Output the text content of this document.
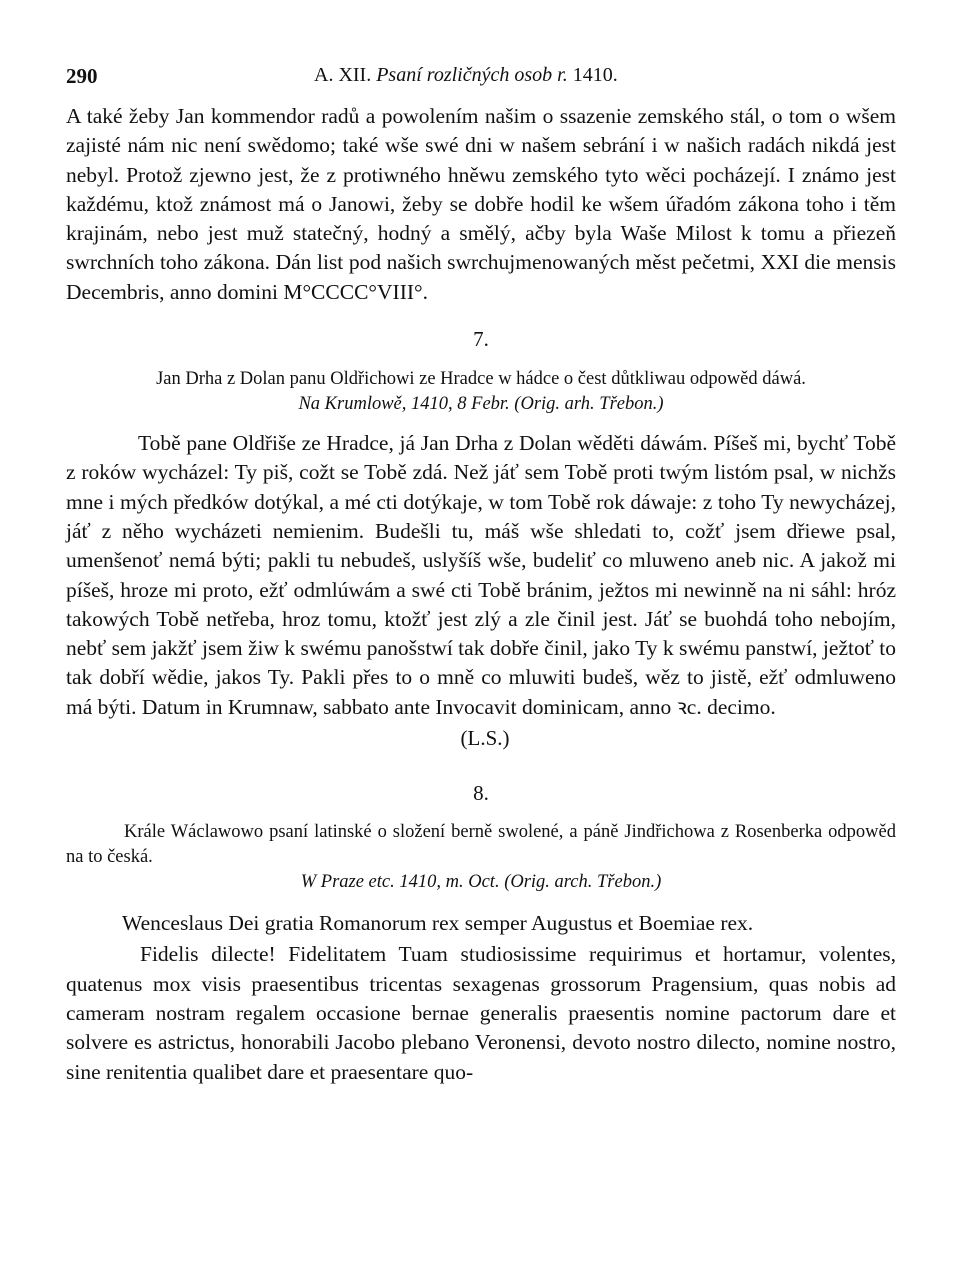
290	A. XII. Psaní rozličných osob r. 1410.

A také žeby Jan kommendor radů a powolením našim o ssazenie zemského stál, o tom o wšem zajisté nám nic není swědomo; také wše swé dni w našem sebrání i w našich radách nikdá jest nebyl. Protož zjewno jest, že z protiwného hněwu zemského tyto wěci pocházejí. I známo jest každému, ktož známost má o Janowi, žeby se dobře hodil ke wšem úřadóm zákona toho i těm krajinám, nebo jest muž statečný, hodný a smělý, ačby byla Waše Milost k tomu a přiezeň swrchních toho zákona. Dán list pod našich swrchujmenowaných měst pečetmi, XXI die mensis Decembris, anno domini M°CCCC°VIII°.

7.
Jan Drha z Dolan panu Oldřichowi ze Hradce w hádce o čest důtkliwau odpowěd dáwá.
Na Krumlowě, 1410, 8 Febr. (Orig. arh. Třebon.)

Tobě pane Oldřiše ze Hradce, já Jan Drha z Dolan wěděti dáwám. Píšeš mi, bychť Tobě z roków wycházel: Ty piš, cožt se Tobě zdá. Než jáť sem Tobě proti twým listóm psal, w nichžs mne i mých předków dotýkal, a mé cti dotýkaje, w tom Tobě rok dáwaje: z toho Ty newycházej, jáť z něho wycházeti nemienim. Budešli tu, máš wše shledati to, cožť jsem dřiewe psal, umenšenoť nemá býti; pakli tu nebudeš, uslyšíš wše, budeliť co mluweno aneb nic. A jakož mi píšeš, hroze mi proto, ežť odmlúwám a swé cti Tobě bránim, ježtos mi newinně na ni sáhl: hróz takowých Tobě netřeba, hroz tomu, ktožť jest zlý a zle činil jest. Jáť se buohdá toho nebojím, nebť sem jakžť jsem žiw k swému panošstwí tak dobře činil, jako Ty k swému panstwí, ježtoť to tak dobří wědie, jakos Ty. Pakli přes to o mně co mluwiti budeš, wěz to jistě, ežť odmluweno má býti. Datum in Krumnaw, sabbato ante Invocavit dominicam, anno ꝛc. decimo.

(L.S.)
8.
Krále Wáclawowo psaní latinské o složení berně swolené, a páně Jindřichowa z Rosenberka odpowěd na to česká.
W Praze etc. 1410, m. Oct. (Orig. arch. Třebon.)

Wenceslaus Dei gratia Romanorum rex semper Augustus et Boemiae rex.

Fidelis dilecte! Fidelitatem Tuam studiosissime requirimus et hortamur, volentes, quatenus mox visis praesentibus tricentas sexagenas grossorum Pragensium, quas nobis ad cameram nostram regalem occasione bernae generalis praesentis nomine pactorum dare et solvere es astrictus, honorabili Jacobo plebano Veronensi, devoto nostro dilecto, nomine nostro, sine renitentia qualibet dare et praesentare quo-
